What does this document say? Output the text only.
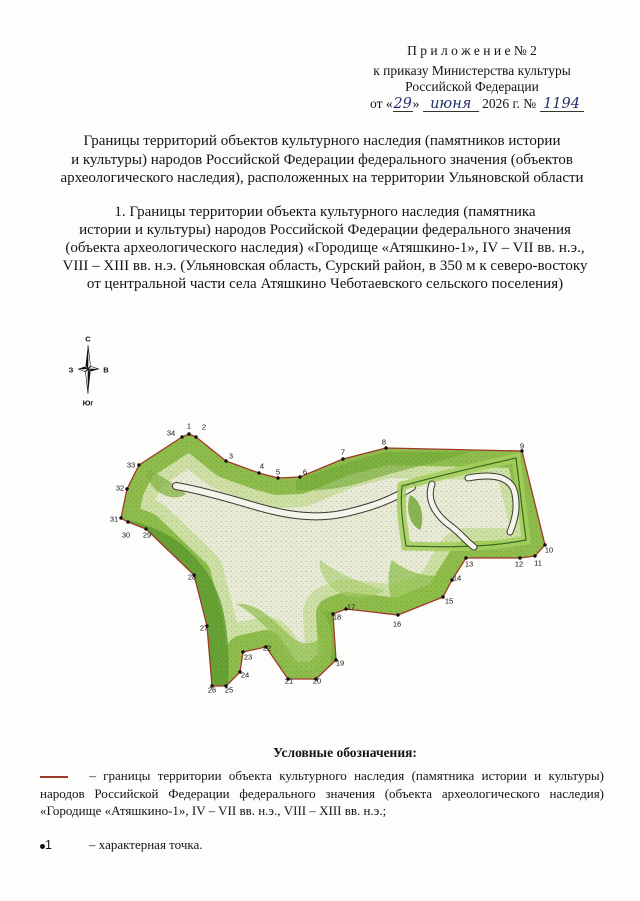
П р и л о ж е н и е № 2
к приказу Министерства культуры
Российской Федерации
от «29» июня 2026 г. № 1194
Границы территорий объектов культурного наследия (памятников истории
и культуры) народов Российской Федерации федерального значения (объектов
археологического наследия), расположенных на территории Ульяновской области
1. Границы территории объекта культурного наследия (памятника
истории и культуры) народов Российской Федерации федерального значения
(объекта археологического наследия) «Городище «Атяшкино-1», IV – VII вв. н.э.,
VIII – XIII вв. н.э. (Ульяновская область, Сурский район, в 350 м к северо-востоку
от центральной части села Атяшкино Чеботаевского сельского поселения)
С
З	В
Юг
1 2
3
4
5	6
7
8	9
10
11
12
13
14
15
16
17
18
19
20
21
22
23
24
25
26
27
28
29
30
31
32
33
34
Условные обозначения:
– границы территории объекта культурного наследия (памятника истории и культуры)
народов Российской Федерации федерального значения (объекта археологического наследия)
«Городище «Атяшкино-1», IV – VII вв. н.э., VIII – XIII вв. н.э.;
1	– характерная точка.
